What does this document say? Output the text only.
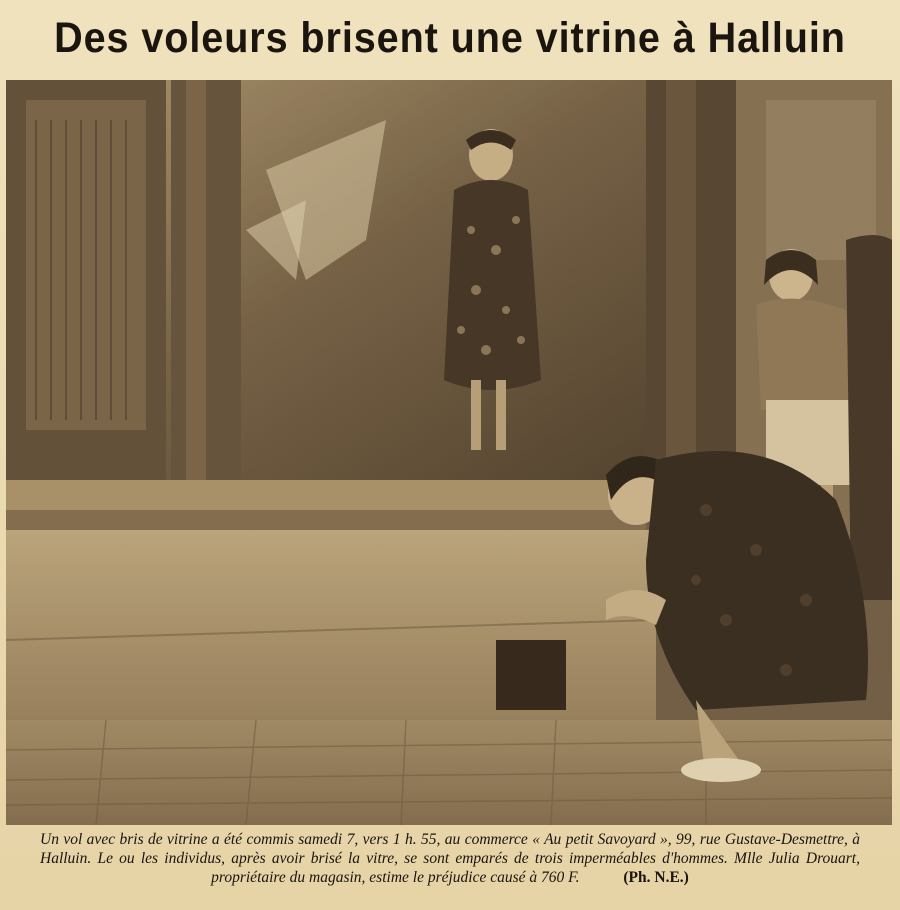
Des voleurs brisent une vitrine à Halluin
Un vol avec bris de vitrine a été commis samedi 7, vers 1 h. 55, au commerce « Au petit Savoyard », 99, rue Gustave-Desmettre, à Halluin. Le ou les individus, après avoir brisé la vitre, se sont emparés de trois imperméables d'hommes. Mlle Julia Drouart, propriétaire du magasin, estime le préjudice causé à 760 F.	(Ph. N.E.)
